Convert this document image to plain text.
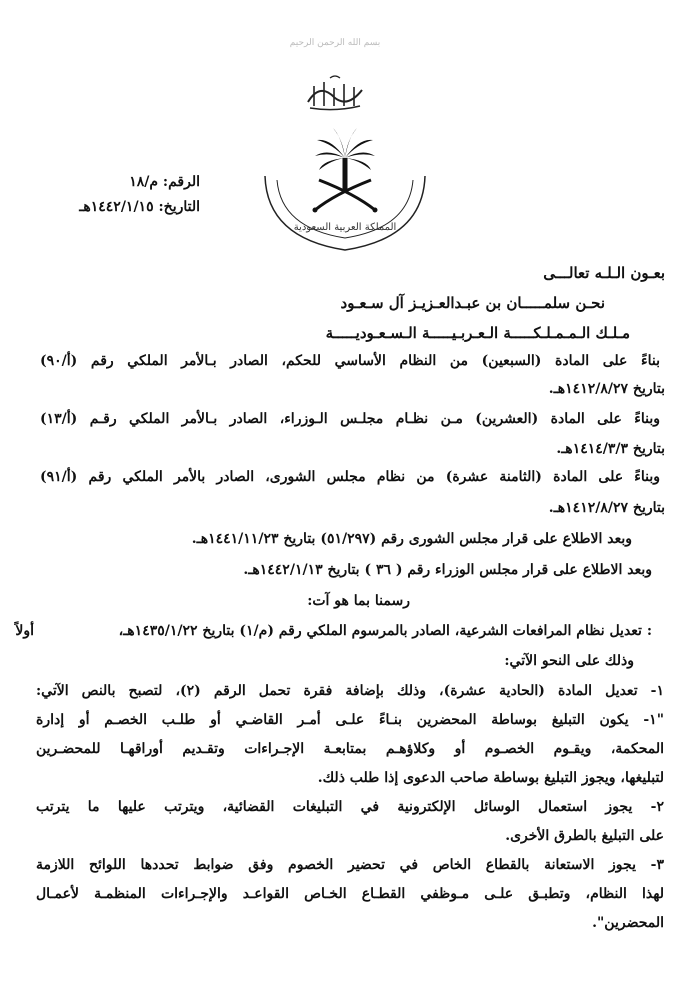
بسم الله الرحمن الرحيم
المملكة العربية السعودية
الرقم: م/١٨
التاريخ: ١٤٤٢/١/١٥هـ
بعـون الـلـه تعالـــى
نحـن سلمـــــان بن عبـدالعـزيـز آل سـعـود
مـلـك الـمـمـلـكـــــة الـعـربـيـــــة الـسـعـوديـــــة
بناءً على المادة (السبعين) من النظام الأساسي للحكم، الصادر بـالأمر الملكي رقم (أ/٩٠)
بتاريخ ١٤١٢/٨/٢٧هـ.
وبناءً على المادة (العشرين) مـن نظـام مجلـس الـوزراء، الصادر بـالأمر الملكي رقـم (أ/١٣)
بتاريخ ١٤١٤/٣/٣هـ.
وبناءً على المادة (الثامنة عشرة) من نظام مجلس الشورى، الصادر بالأمر الملكي رقم (أ/٩١)
بتاريخ ١٤١٢/٨/٢٧هـ.
وبعد الاطلاع على قرار مجلس الشورى رقم (٥١/٢٩٧) بتاريخ ١٤٤١/١١/٢٣هـ.
وبعد الاطلاع على قرار مجلس الوزراء رقم ( ٣٦ ) بتاريخ ١٤٤٢/١/١٣هـ.
رسمنا بما هو آت:
أولاً	: تعديل نظام المرافعات الشرعية، الصادر بالمرسوم الملكي رقم (م/١) بتاريخ ١٤٣٥/١/٢٢هـ،
وذلك على النحو الآتي:
١- تعديل المادة (الحادية عشرة)، وذلك بإضافة فقرة تحمل الرقم (٢)، لتصبح بالنص الآتي:
"١- يكون التبليغ بوساطة المحضرين بنـاءً علـى أمـر القاضـي أو طلـب الخصـم أو إدارة
المحكمة، ويقـوم الخصـوم أو وكلاؤهـم بمتابعـة الإجـراءات وتقـديم أوراقهـا للمحضـرين
لتبليغها، ويجوز التبليغ بوساطة صاحب الدعوى إذا طلب ذلك.
٢- يجوز استعمال الوسائل الإلكترونية في التبليغات القضائية، ويترتب عليها ما يترتب
على التبليغ بالطرق الأخرى.
٣- يجوز الاستعانة بالقطاع الخاص في تحضير الخصوم وفق ضوابط تحددها اللوائح اللازمة
لهذا النظام، وتطبـق علـى مـوظفي القطـاع الخـاص القواعـد والإجـراءات المنظمـة لأعمـال
المحضرين".
